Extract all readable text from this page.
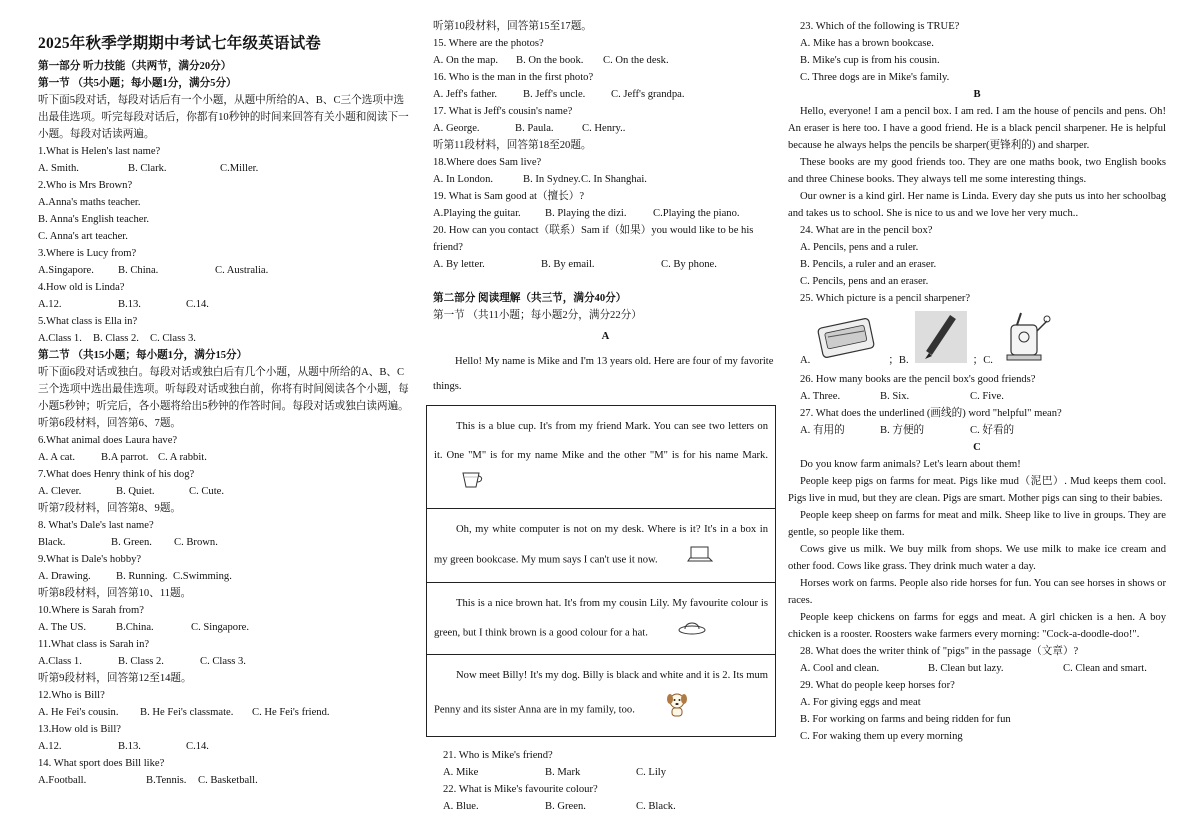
2025年秋季学期期中考试七年级英语试卷
第一部分 听力技能（共两节，满分20分）
第一节 （共5小题；每小题1分，满分5分）
听下面5段对话，每段对话后有一个小题，从题中所给的A、B、C三个选项中选出最佳选项。听完每段对话后，你都有10秒钟的时间来回答有关小题和阅读下一小题。每段对话读两遍。
1.What is Helen's last name?
A. Smith.	B. Clark.	C.Miller.
2.Who is Mrs Brown?
A.Anna's maths teacher.
B. Anna's English teacher.
C. Anna's art teacher.
3.Where is Lucy from?
A.Singapore.	B. China.	C. Australia.
4.How old is Linda?
A.12.	B.13.	C.14.
5.What class is Ella in?
A.Class 1.	B. Class 2.	C. Class 3.
第二节 （共15小题；每小题1分，满分15分）
听下面6段对话或独白。每段对话或独白后有几个小题，从题中所给的A、B、C三个选项中选出最佳选项。听每段对话或独白前，你将有时间阅读各个小题，每小题5秒钟；听完后，各小题将给出5秒钟的作答时间。每段对话或独白读两遍。
听第6段材料，回答第6、7题。
6.What animal does Laura have?
A. A cat.	B.A parrot. C. A rabbit.
7.What does Henry think of his dog?
A. Clever.	B. Quiet.	C. Cute.
听第7段材料，回答第8、9题。
8. What's Dale's last name?
Black.	B. Green.	C. Brown.
9.What is Dale's hobby?
A. Drawing.	B. Running. C.Swimming.
听第8段材料，回答第10、11题。
10.Where is Sarah from?
A. The US.	B.China.	C. Singapore.
11.What class is Sarah in?
A.Class 1.	B. Class 2.	C. Class 3.
听第9段材料，回答第12至14题。
12.Who is Bill?
A. He Fei's cousin.	B. He Fei's classmate.	C. He Fei's friend.
13.How old is Bill?
A.12.	B.13.	C.14.
14. What sport does Bill like?
A.Football.	B.Tennis.	C. Basketball.
听第10段材料，回答第15至17题。
15. Where are the photos?
A. On the map.	B. On the book.	C. On the desk.
16. Who is the man in the first photo?
A. Jeff's father.	B. Jeff's uncle.	C. Jeff's grandpa.
17. What is Jeff's cousin's name?
A. George.	B. Paula.	C. Henry..
听第11段材料，回答第18至20题。
18.Where does Sam live?
A. In London.	B. In Sydney. C. In Shanghai.
19. What is Sam good at（擅长）?
A.Playing the guitar.	B. Playing the dizi.	C.Playing the piano.
20. How can you contact（联系）Sam if（如果）you would like to be his friend?
A. By letter.	B. By email.	C. By phone.
第二部分 阅读理解（共三节，满分40分）
第一节 （共11小题；每小题2分，满分22分）
A
Hello! My name is Mike and I'm 13 years old. Here are four of my favorite things.
This is a blue cup. It's from my friend Mark. You can see two letters on it. One "M" is for my name Mike and the other "M" is for his name Mark.
Oh, my white computer is not on my desk. Where is it? It's in a box in my green bookcase. My mum says I can't use it now.
This is a nice brown hat. It's from my cousin Lily. My favourite colour is green, but I think brown is a good colour for a hat.
Now meet Billy! It's my dog. Billy is black and white and it is 2. Its mum Penny and its sister Anna are in my family, too.
21. Who is Mike's friend?
A. Mike	B. Mark	C. Lily
22. What is Mike's favourite colour?
A. Blue.	B. Green.	C. Black.
23. Which of the following is TRUE?
A. Mike has a brown bookcase.
B. Mike's cup is from his cousin.
C. Three dogs are in Mike's family.
B
Hello, everyone! I am a pencil box. I am red. I am the house of pencils and pens. Oh! An eraser is here too. I have a good friend. He is a black pencil sharpener. He is helpful because he always helps the pencils be sharper(更锋利的) and sharper.
These books are my good friends too. They are one maths book, two English books and three Chinese books. They always tell me some interesting things.
Our owner is a kind girl. Her name is Linda. Every day she puts us into her schoolbag and takes us to school. She is nice to us and we love her very much..
24. What are in the pencil box?
A. Pencils, pens and a ruler.
B. Pencils, a ruler and an eraser.
C. Pencils, pens and an eraser.
25. Which picture is a pencil sharpener?
A.	；B.	；C.
26. How many books are the pencil box's good friends?
A. Three.	B. Six.	C. Five.
27. What does the underlined (画线的) word "helpful" mean?
A. 有用的	B. 方便的	C. 好看的
C
Do you know farm animals? Let's learn about them!
People keep pigs on farms for meat. Pigs like mud（泥巴）. Mud keeps them cool. Pigs live in mud, but they are clean. Pigs are smart. Mother pigs can sing to their babies.
People keep sheep on farms for meat and milk. Sheep like to live in groups. They are gentle, so people like them.
Cows give us milk. We buy milk from shops. We use milk to make ice cream and other food. Cows like grass. They drink much water a day.
Horses work on farms. People also ride horses for fun. You can see horses in shows or races.
People keep chickens on farms for eggs and meat. A girl chicken is a hen. A boy chicken is a rooster. Roosters wake farmers every morning: "Cock-a-doodle-doo!".
28. What does the writer think of "pigs" in the passage（文章）?
A. Cool and clean.	B. Clean but lazy.	C. Clean and smart.
29. What do people keep horses for?
A. For giving eggs and meat
B. For working on farms and being ridden for fun
C. For waking them up every morning
